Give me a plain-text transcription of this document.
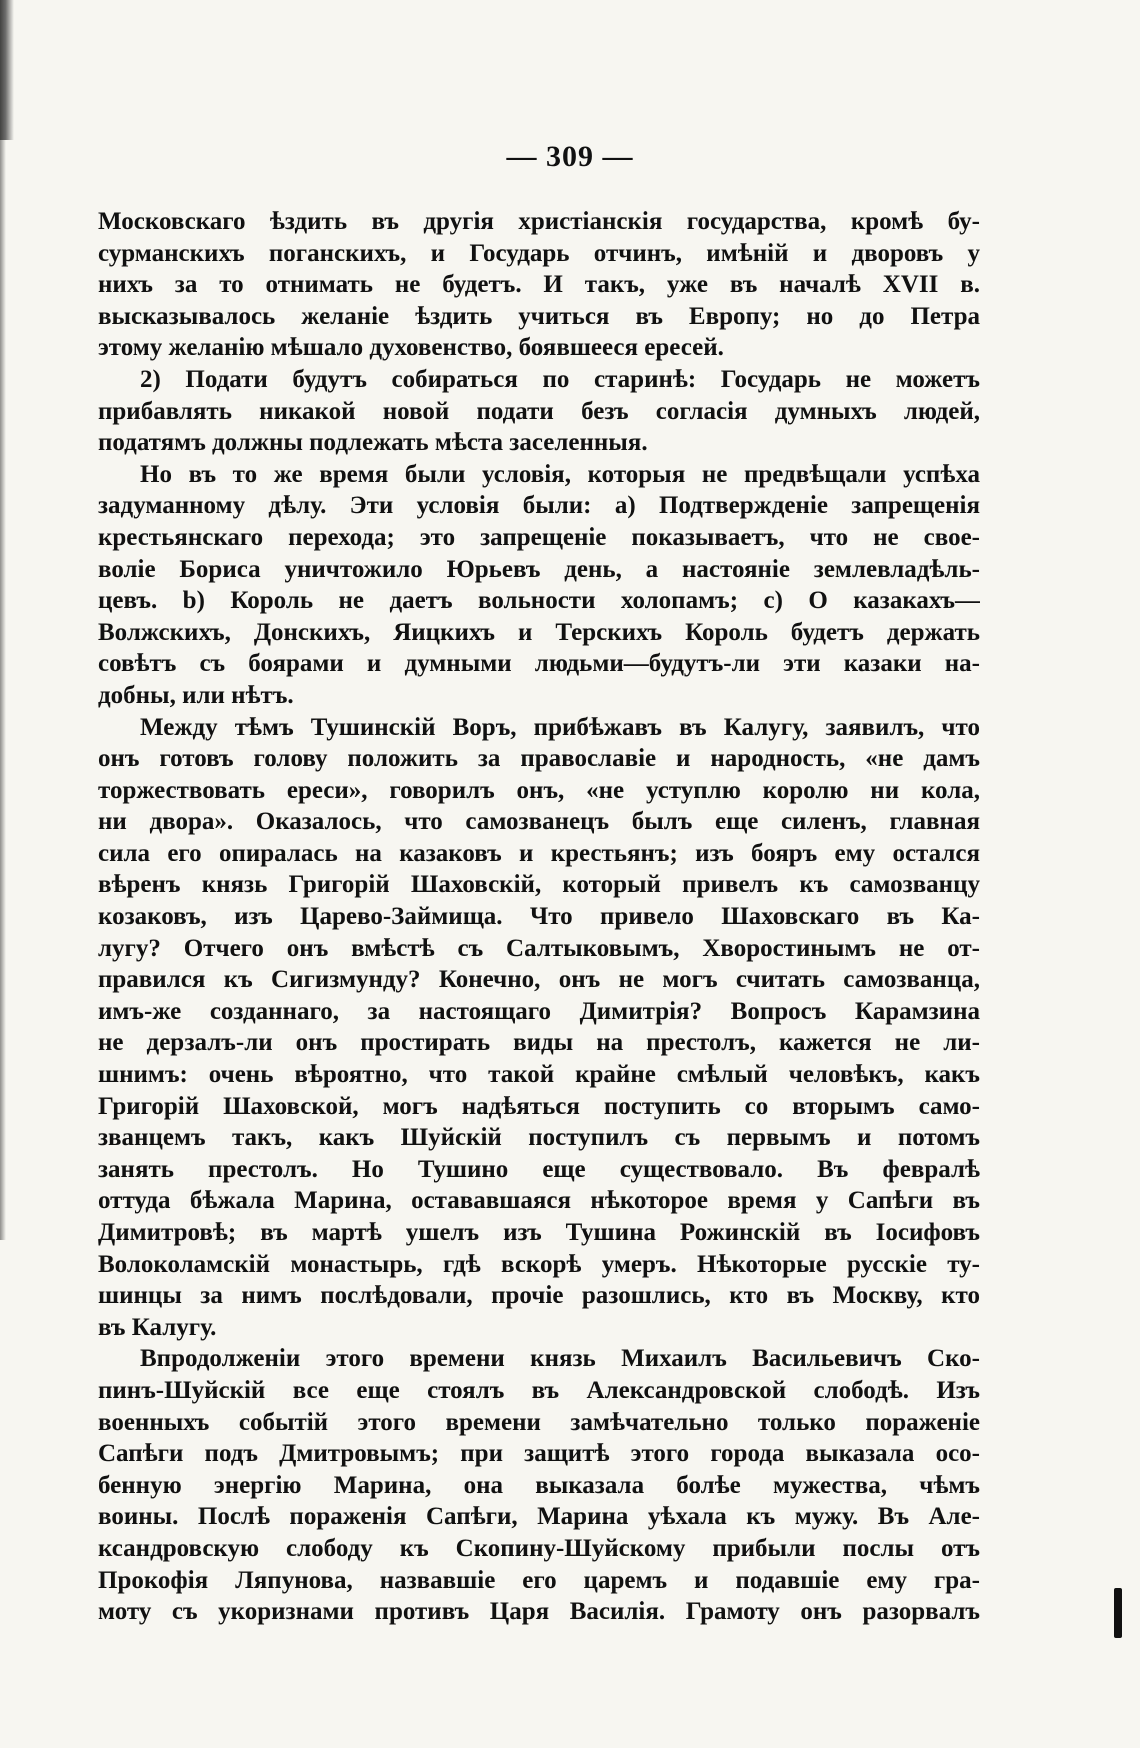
— 309 —
Московскаго ѣздить въ другія христіанскія государства, кромѣ бу-
сурманскихъ поганскихъ, и Государь отчинъ, имѣній и дворовъ у
нихъ за то отнимать не будетъ. И такъ, уже въ началѣ XVII в.
высказывалось желаніе ѣздить учиться въ Европу; но до Петра
этому желанію мѣшало духовенство, боявшееся ересей.
2) Подати будутъ собираться по старинѣ: Государь не можетъ
прибавлять никакой новой подати безъ согласія думныхъ людей,
податямъ должны подлежать мѣста заселенныя.
Но въ то же время были условія, которыя не предвѣщали успѣха
задуманному дѣлу. Эти условія были: а) Подтвержденіе запрещенія
крестьянскаго перехода; это запрещеніе показываетъ, что не свое-
воліе Бориса уничтожило Юрьевъ день, а настояніе землевладѣль-
цевъ. b) Король не даетъ вольности холопамъ; с) О казакахъ—
Волжскихъ, Донскихъ, Яицкихъ и Терскихъ Король будетъ держать
совѣтъ съ боярами и думными людьми—будутъ-ли эти казаки на-
добны, или нѣтъ.
Между тѣмъ Тушинскій Воръ, прибѣжавъ въ Калугу, заявилъ, что
онъ готовъ голову положить за православіе и народность, «не дамъ
торжествовать ереси», говорилъ онъ, «не уступлю королю ни кола,
ни двора». Оказалось, что самозванецъ былъ еще силенъ, главная
сила его опиралась на казаковъ и крестьянъ; изъ бояръ ему остался
вѣренъ князь Григорій Шаховскій, который привелъ къ самозванцу
козаковъ, изъ Царево-Займища. Что привело Шаховскаго въ Ка-
лугу? Отчего онъ вмѣстѣ съ Салтыковымъ, Хворостинымъ не от-
правился къ Сигизмунду? Конечно, онъ не могъ считать самозванца,
имъ-же созданнаго, за настоящаго Димитрія? Вопросъ Карамзина
не дерзалъ-ли онъ простирать виды на престолъ, кажется не ли-
шнимъ: очень вѣроятно, что такой крайне смѣлый человѣкъ, какъ
Григорій Шаховской, могъ надѣяться поступить со вторымъ само-
званцемъ такъ, какъ Шуйскій поступилъ съ первымъ и потомъ
занять престолъ. Но Тушино еще существовало. Въ февралѣ
оттуда бѣжала Марина, остававшаяся нѣкоторое время у Сапѣги въ
Димитровѣ; въ мартѣ ушелъ изъ Тушина Рожинскій въ Іосифовъ
Волоколамскій монастырь, гдѣ вскорѣ умеръ. Нѣкоторые русскіе ту-
шинцы за нимъ послѣдовали, прочіе разошлись, кто въ Москву, кто
въ Калугу.
Впродолженіи этого времени князь Михаилъ Васильевичъ Ско-
пинъ-Шуйскій все еще стоялъ въ Александровской слободѣ. Изъ
военныхъ событій этого времени замѣчательно только пораженіе
Сапѣги подъ Дмитровымъ; при защитѣ этого города выказала осо-
бенную энергію Марина, она выказала болѣе мужества, чѣмъ
воины. Послѣ пораженія Сапѣги, Марина уѣхала къ мужу. Въ Але-
ксандровскую слободу къ Скопину-Шуйскому прибыли послы отъ
Прокофія Ляпунова, назвавшіе его царемъ и подавшіе ему гра-
моту съ укоризнами противъ Царя Василія. Грамоту онъ разорвалъ
